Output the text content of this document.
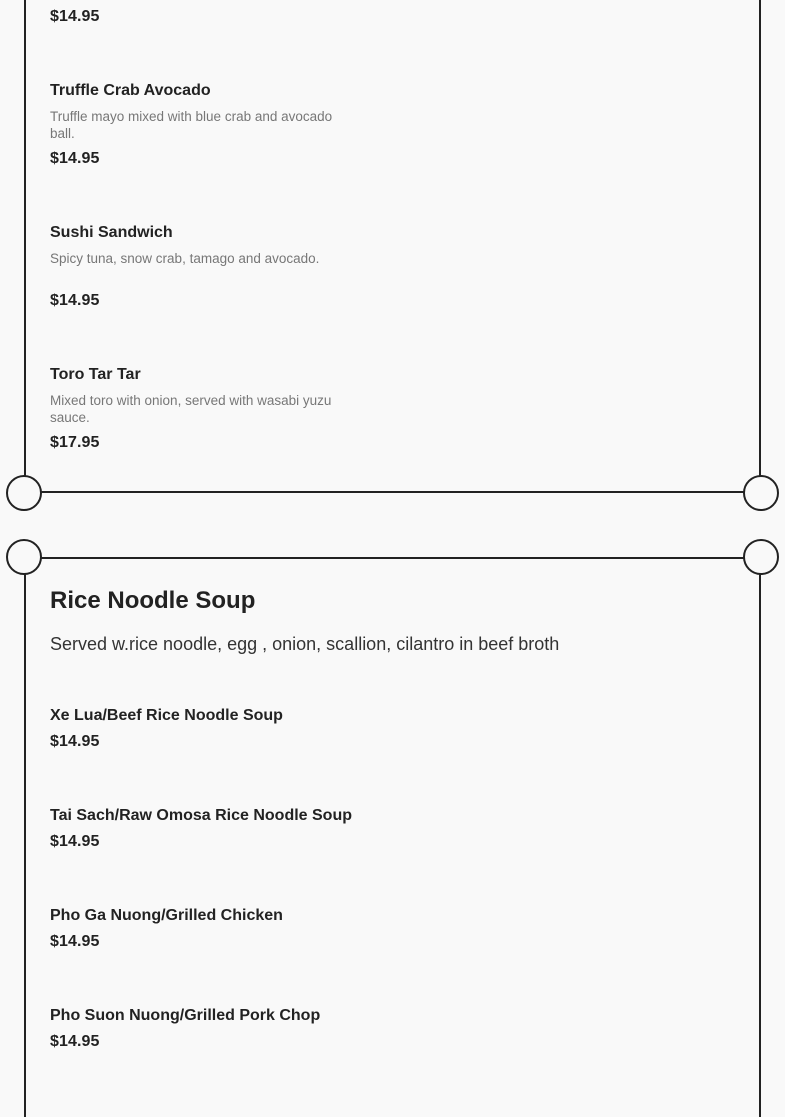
$14.95

Truffle Crab Avocado

Truffle mayo mixed with blue crab and avocado ball.

$14.95

Sushi Sandwich

Spicy tuna, snow crab, tamago and avocado.

$14.95

Toro Tar Tar

Mixed toro with onion, served with wasabi yuzu sauce.

$17.95

Rice Noodle Soup

Served w.rice noodle, egg , onion, scallion, cilantro in beef broth

Xe Lua/Beef Rice Noodle Soup

$14.95

Tai Sach/Raw Omosa Rice Noodle Soup

$14.95

Pho Ga Nuong/Grilled Chicken

$14.95

Pho Suon Nuong/Grilled Pork Chop

$14.95
